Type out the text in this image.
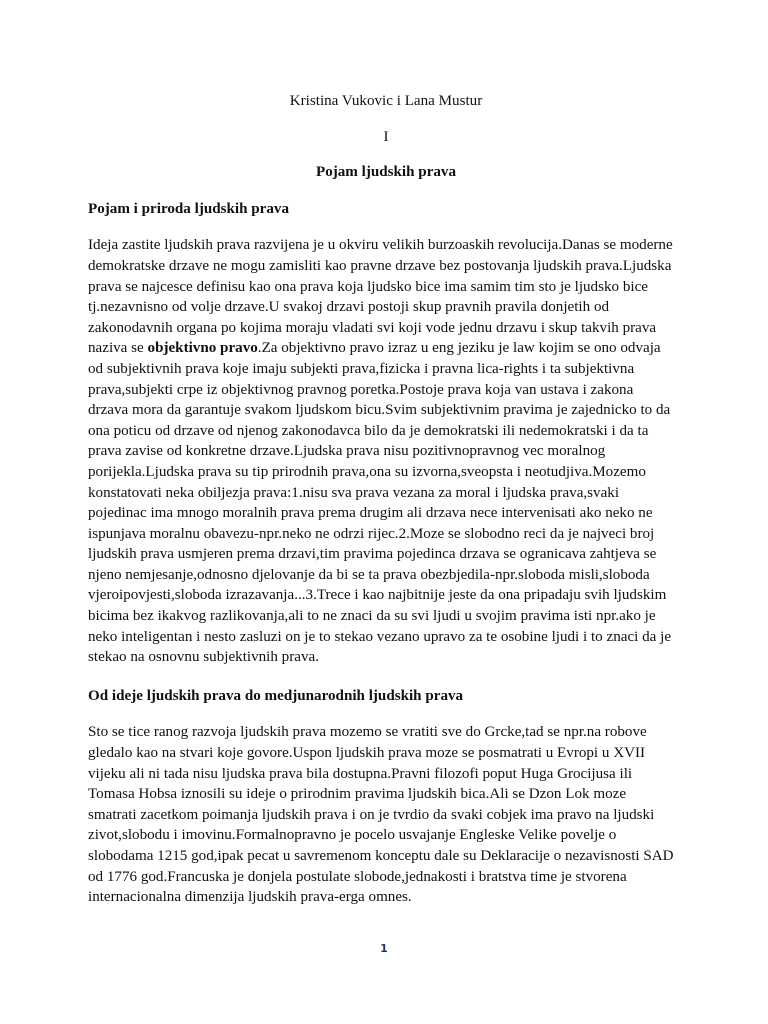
Kristina Vukovic i Lana Mustur

I

Pojam ljudskih prava

Pojam i priroda ljudskih prava

Ideja zastite ljudskih prava razvijena je u okviru velikih burzoaskih revolucija.Danas se moderne
demokratske drzave ne mogu zamisliti kao pravne drzave bez postovanja ljudskih prava.Ljudska
prava se najcesce definisu kao ona prava koja ljudsko bice ima samim tim sto je ljudsko bice
tj.nezavnisno od volje drzave.U svakoj drzavi postoji skup pravnih pravila donjetih od
zakonodavnih organa po kojima moraju vladati svi koji vode jednu drzavu i skup takvih prava
naziva se objektivno pravo.Za objektivno pravo izraz u eng jeziku je law kojim se ono odvaja
od subjektivnih prava koje imaju subjekti prava,fizicka i pravna lica-rights i ta subjektivna
prava,subjekti crpe iz objektivnog pravnog poretka.Postoje prava koja van ustava i zakona
drzava mora da garantuje svakom ljudskom bicu.Svim subjektivnim pravima je zajednicko to da
ona poticu od drzave od njenog zakonodavca bilo da je demokratski ili nedemokratski i da ta
prava zavise od konkretne drzave.Ljudska prava nisu pozitivnopravnog vec moralnog
porijekla.Ljudska prava su tip prirodnih prava,ona su izvorna,sveopsta i neotudjiva.Mozemo
konstatovati neka obiljezja prava:1.nisu sva prava vezana za moral i ljudska prava,svaki
pojedinac ima mnogo moralnih prava prema drugim ali drzava nece intervenisati ako neko ne
ispunjava moralnu obavezu-npr.neko ne odrzi rijec.2.Moze se slobodno reci da je najveci broj
ljudskih prava usmjeren prema drzavi,tim pravima pojedinca drzava se ogranicava zahtjeva se
njeno nemjesanje,odnosno djelovanje da bi se ta prava obezbjedila-npr.sloboda misli,sloboda
vjeroipovjesti,sloboda izrazavanja...3.Trece i kao najbitnije jeste da ona pripadaju svih ljudskim
bicima bez ikakvog razlikovanja,ali to ne znaci da su svi ljudi u svojim pravima isti npr.ako je
neko inteligentan i nesto zasluzi on je to stekao vezano upravo za te osobine ljudi i to znaci da je
stekao na osnovnu subjektivnih prava.

Od ideje ljudskih prava do medjunarodnih ljudskih prava

Sto se tice ranog razvoja ljudskih prava mozemo se vratiti sve do Grcke,tad se npr.na robove
gledalo kao na stvari koje govore.Uspon ljudskih prava moze se posmatrati u Evropi u XVII
vijeku ali ni tada nisu ljudska prava bila dostupna.Pravni filozofi poput Huga Grocijusa ili
Tomasa Hobsa iznosili su ideje o prirodnim pravima ljudskih bica.Ali se Dzon Lok moze
smatrati zacetkom poimanja ljudskih prava i on je tvrdio da svaki cobjek ima pravo na ljudski
zivot,slobodu i imovinu.Formalnopravno je pocelo usvajanje Engleske Velike povelje o
slobodama 1215 god,ipak pecat u savremenom konceptu dale su Deklaracije o nezavisnosti SAD
od 1776 god.Francuska je donjela postulate slobode,jednakosti i bratstva time je stvorena
internacionalna dimenzija ljudskih prava-erga omnes.

1
